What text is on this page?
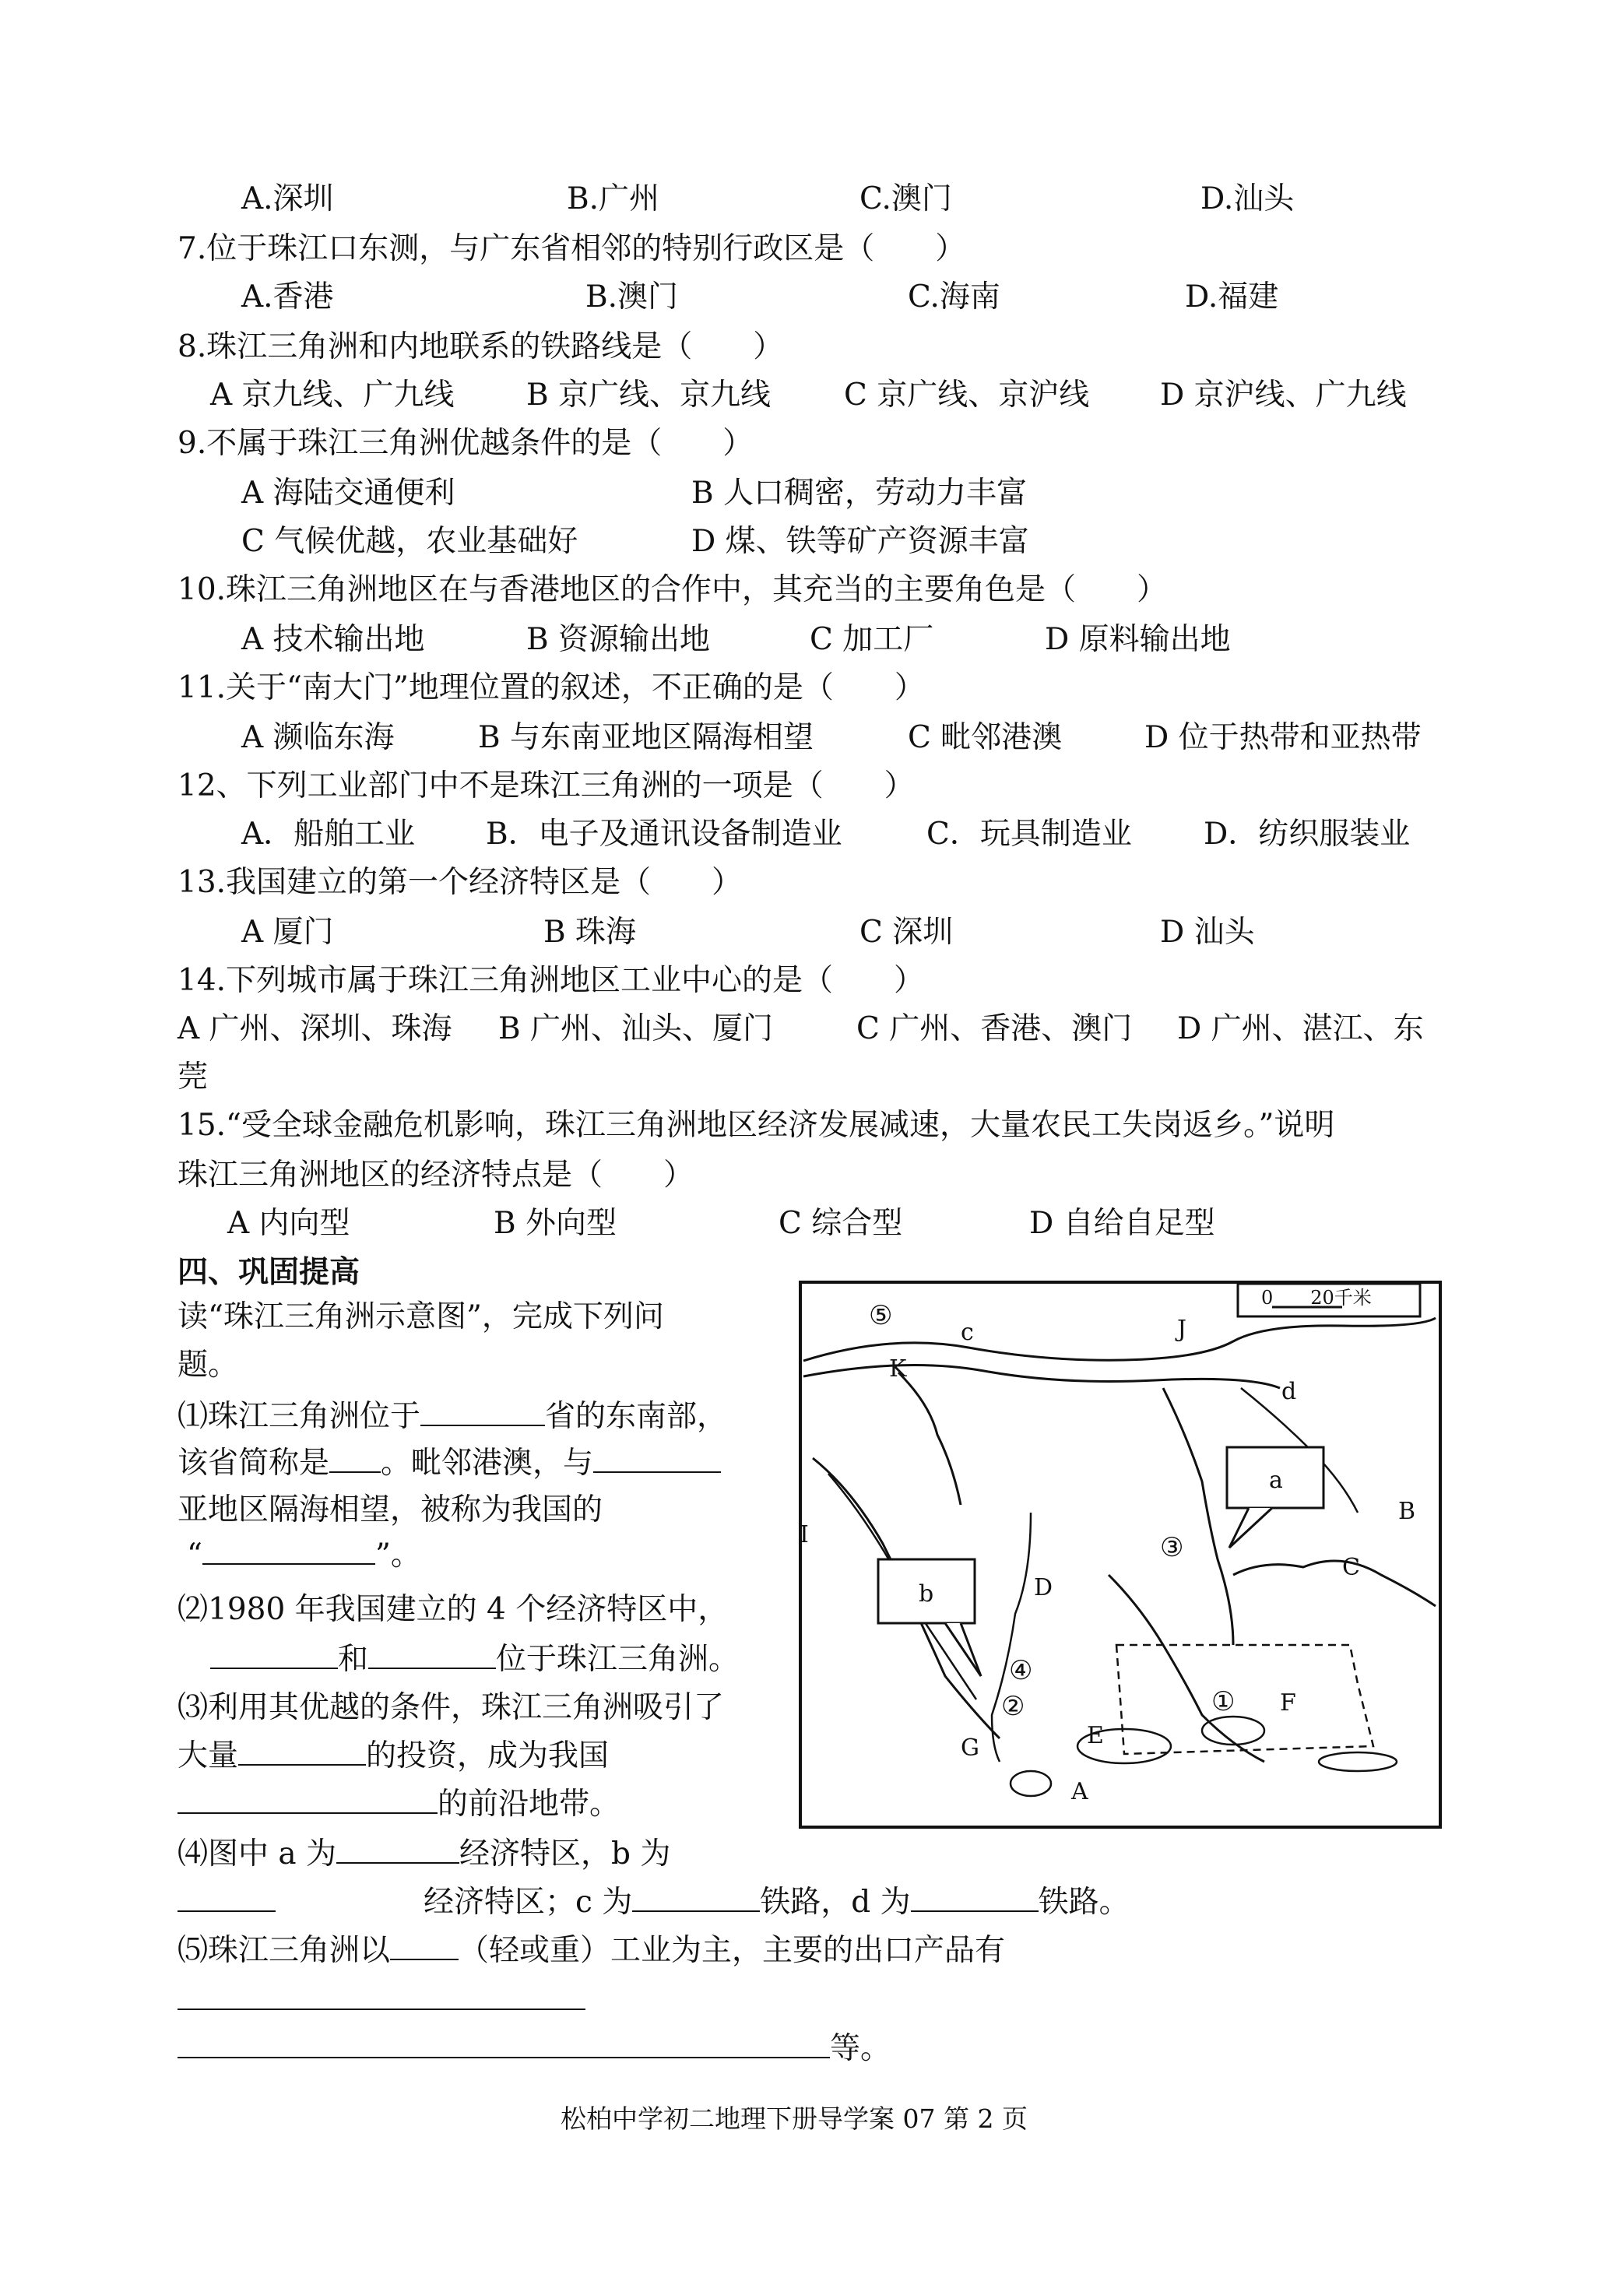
A.深圳	B.广州	C.澳门	D.汕头
7.位于珠江口东测，与广东省相邻的特别行政区是（　　）
A.香港	B.澳门	C.海南	D.福建
8.珠江三角洲和内地联系的铁路线是（　　）
A 京九线、广九线 B 京广线、京九线 C 京广线、京沪线 D 京沪线、广九线
9.不属于珠江三角洲优越条件的是（　　）
A 海陆交通便利	B 人口稠密，劳动力丰富
C 气候优越，农业基础好	D 煤、铁等矿产资源丰富
10.珠江三角洲地区在与香港地区的合作中，其充当的主要角色是（　　）
A 技术输出地	B 资源输出地	C 加工厂	D 原料输出地
11.关于“南大门”地理位置的叙述，不正确的是（　　）
A 濒临东海	B 与东南亚地区隔海相望	C 毗邻港澳	D 位于热带和亚热带
12、下列工业部门中不是珠江三角洲的一项是（　　）
A．船舶工业 B．电子及通讯设备制造业	C．玩具制造业 D．纺织服装业
13.我国建立的第一个经济特区是（　　）
A 厦门	B 珠海	C 深圳	D 汕头
14.下列城市属于珠江三角洲地区工业中心的是（　　）
A 广州、深圳、珠海 B 广州、汕头、厦门	C 广州、香港、澳门 D 广州、湛江、东
莞
15.“受全球金融危机影响，珠江三角洲地区经济发展减速，大量农民工失岗返乡。”说明
珠江三角洲地区的经济特点是（　　）
A 内向型	B 外向型	C 综合型	D 自给自足型
四、巩固提高
读“珠江三角洲示意图”，完成下列问
题。
⑴珠江三角洲位于	省的东南部，
该省简称是 。毗邻港澳，与
亚地区隔海相望，被称为我国的
“	”。
⑵1980 年我国建立的 4 个经济特区中，
和	位于珠江三角洲。
⑶利用其优越的条件，珠江三角洲吸引了
大量	的投资，成为我国
的前沿地带。
⑷图中 a 为	经济特区，b 为
经济特区；c 为	铁路，d 为	铁路。
⑸珠江三角洲以 （轻或重）工业为主，主要的出口产品有
等。
0　　20千米
⑤
c	J
K
d
a
B
③
C
I
D
b
④
②	① F
G	E
A
松柏中学初二地理下册导学案 07 第 2 页
